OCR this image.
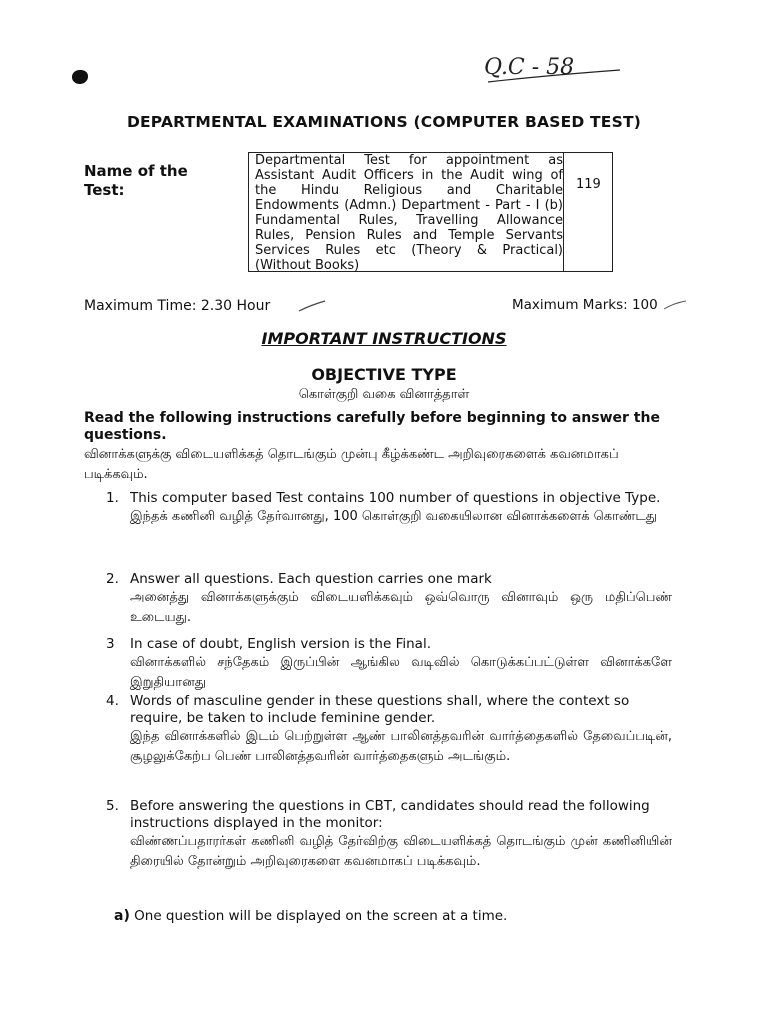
Q.C - 58
DEPARTMENTAL EXAMINATIONS (COMPUTER BASED TEST)
Name of the
Test:
Departmental Test for appointment as Assistant Audit Officers in the Audit wing of the Hindu Religious and Charitable Endowments (Admn.) Department - Part - I (b) Fundamental Rules, Travelling Allowance Rules, Pension Rules and Temple Servants Services Rules etc (Theory & Practical) (Without Books)
119
Maximum Time: 2.30 Hour	Maximum Marks: 100
IMPORTANT INSTRUCTIONS
OBJECTIVE TYPE
கொள்குறி வகை வினாத்தாள்
Read the following instructions carefully before beginning to answer the questions.
வினாக்களுக்கு விடையளிக்கத் தொடங்கும் முன்பு கீழ்க்கண்ட அறிவுரைகளைக் கவனமாகப் படிக்கவும்.
1. This computer based Test contains 100 number of questions in objective Type.
இந்தக் கணினி வழித் தேர்வானது, 100 கொள்குறி வகையிலான வினாக்களைக் கொண்டது
2. Answer all questions. Each question carries one mark
அனைத்து வினாக்களுக்கும் விடையளிக்கவும் ஒவ்வொரு வினாவும் ஒரு மதிப்பெண் உடையது.
3 In case of doubt, English version is the Final.
வினாக்களில் சந்தேகம் இருப்பின் ஆங்கில வடிவில் கொடுக்கப்பட்டுள்ள வினாக்களே இறுதியானது
4. Words of masculine gender in these questions shall, where the context so require, be taken to include feminine gender.
இந்த வினாக்களில் இடம் பெற்றுள்ள ஆண் பாலினத்தவரின் வார்த்தைகளில் தேவைப்படின், சூழலுக்கேற்ப பெண் பாலினத்தவரின் வார்த்தைகளும் அடங்கும்.
5. Before answering the questions in CBT, candidates should read the following instructions displayed in the monitor:
விண்ணப்பதாரர்கள் கணினி வழித் தேர்விற்கு விடையளிக்கத் தொடங்கும் முன் கணினியின் திரையில் தோன்றும் அறிவுரைகளை கவனமாகப் படிக்கவும்.
a) One question will be displayed on the screen at a time.
